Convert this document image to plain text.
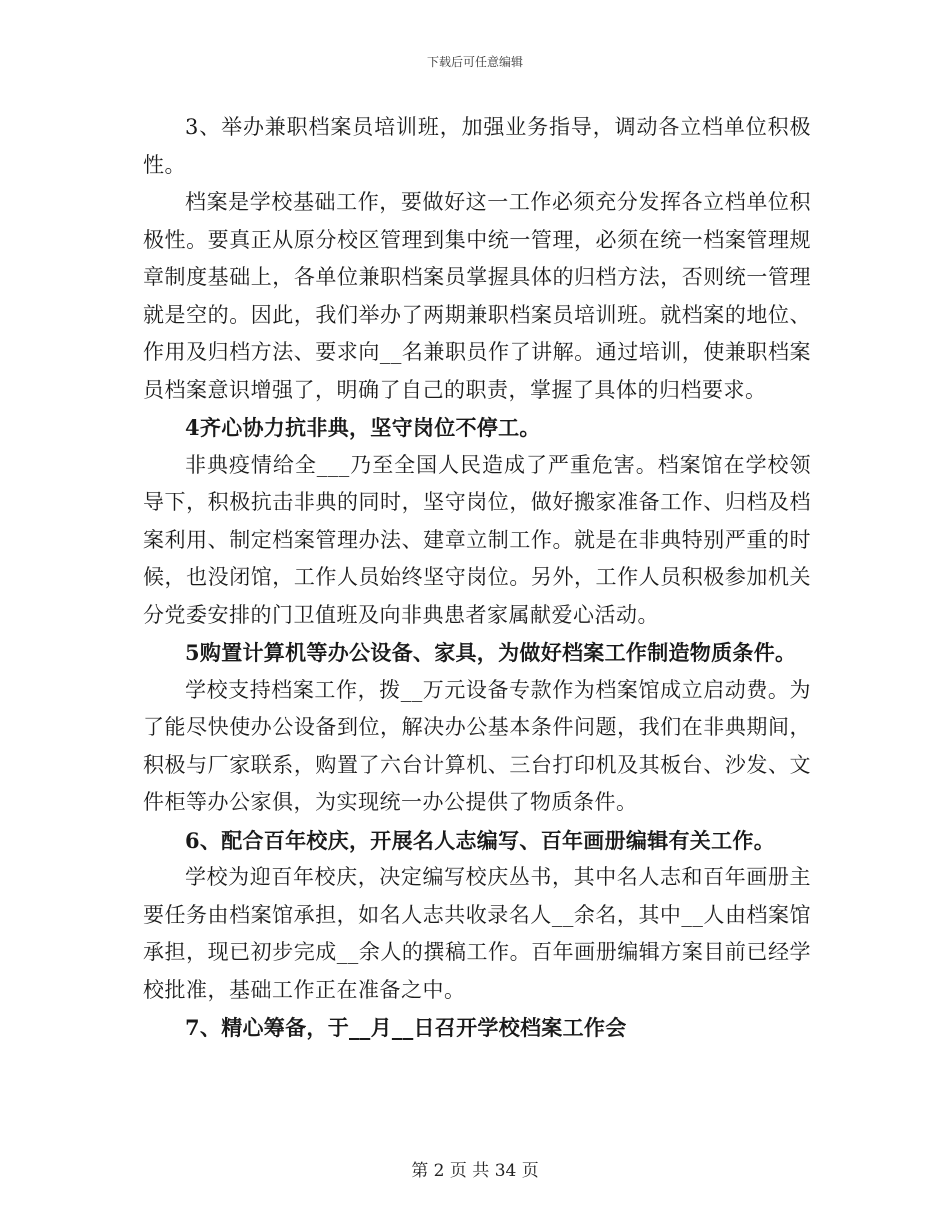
下载后可任意编辑

3、举办兼职档案员培训班，加强业务指导，调动各立档单位积极性。

档案是学校基础工作，要做好这一工作必须充分发挥各立档单位积极性。要真正从原分校区管理到集中统一管理，必须在统一档案管理规章制度基础上，各单位兼职档案员掌握具体的归档方法，否则统一管理就是空的。因此，我们举办了两期兼职档案员培训班。就档案的地位、作用及归档方法、要求向__名兼职员作了讲解。通过培训，使兼职档案员档案意识增强了，明确了自己的职责，掌握了具体的归档要求。

4齐心协力抗非典，坚守岗位不停工。

非典疫情给全___乃至全国人民造成了严重危害。档案馆在学校领导下，积极抗击非典的同时，坚守岗位，做好搬家准备工作、归档及档案利用、制定档案管理办法、建章立制工作。就是在非典特别严重的时候，也没闭馆，工作人员始终坚守岗位。另外，工作人员积极参加机关分党委安排的门卫值班及向非典患者家属献爱心活动。

5购置计算机等办公设备、家具，为做好档案工作制造物质条件。

学校支持档案工作，拨__万元设备专款作为档案馆成立启动费。为了能尽快使办公设备到位，解决办公基本条件问题，我们在非典期间，积极与厂家联系，购置了六台计算机、三台打印机及其板台、沙发、文件柜等办公家俱，为实现统一办公提供了物质条件。

6、配合百年校庆，开展名人志编写、百年画册编辑有关工作。

学校为迎百年校庆，决定编写校庆丛书，其中名人志和百年画册主要任务由档案馆承担，如名人志共收录名人__余名，其中__人由档案馆承担，现已初步完成__余人的撰稿工作。百年画册编辑方案目前已经学校批准，基础工作正在准备之中。

7、精心筹备，于__月__日召开学校档案工作会

第 2 页 共 34 页
